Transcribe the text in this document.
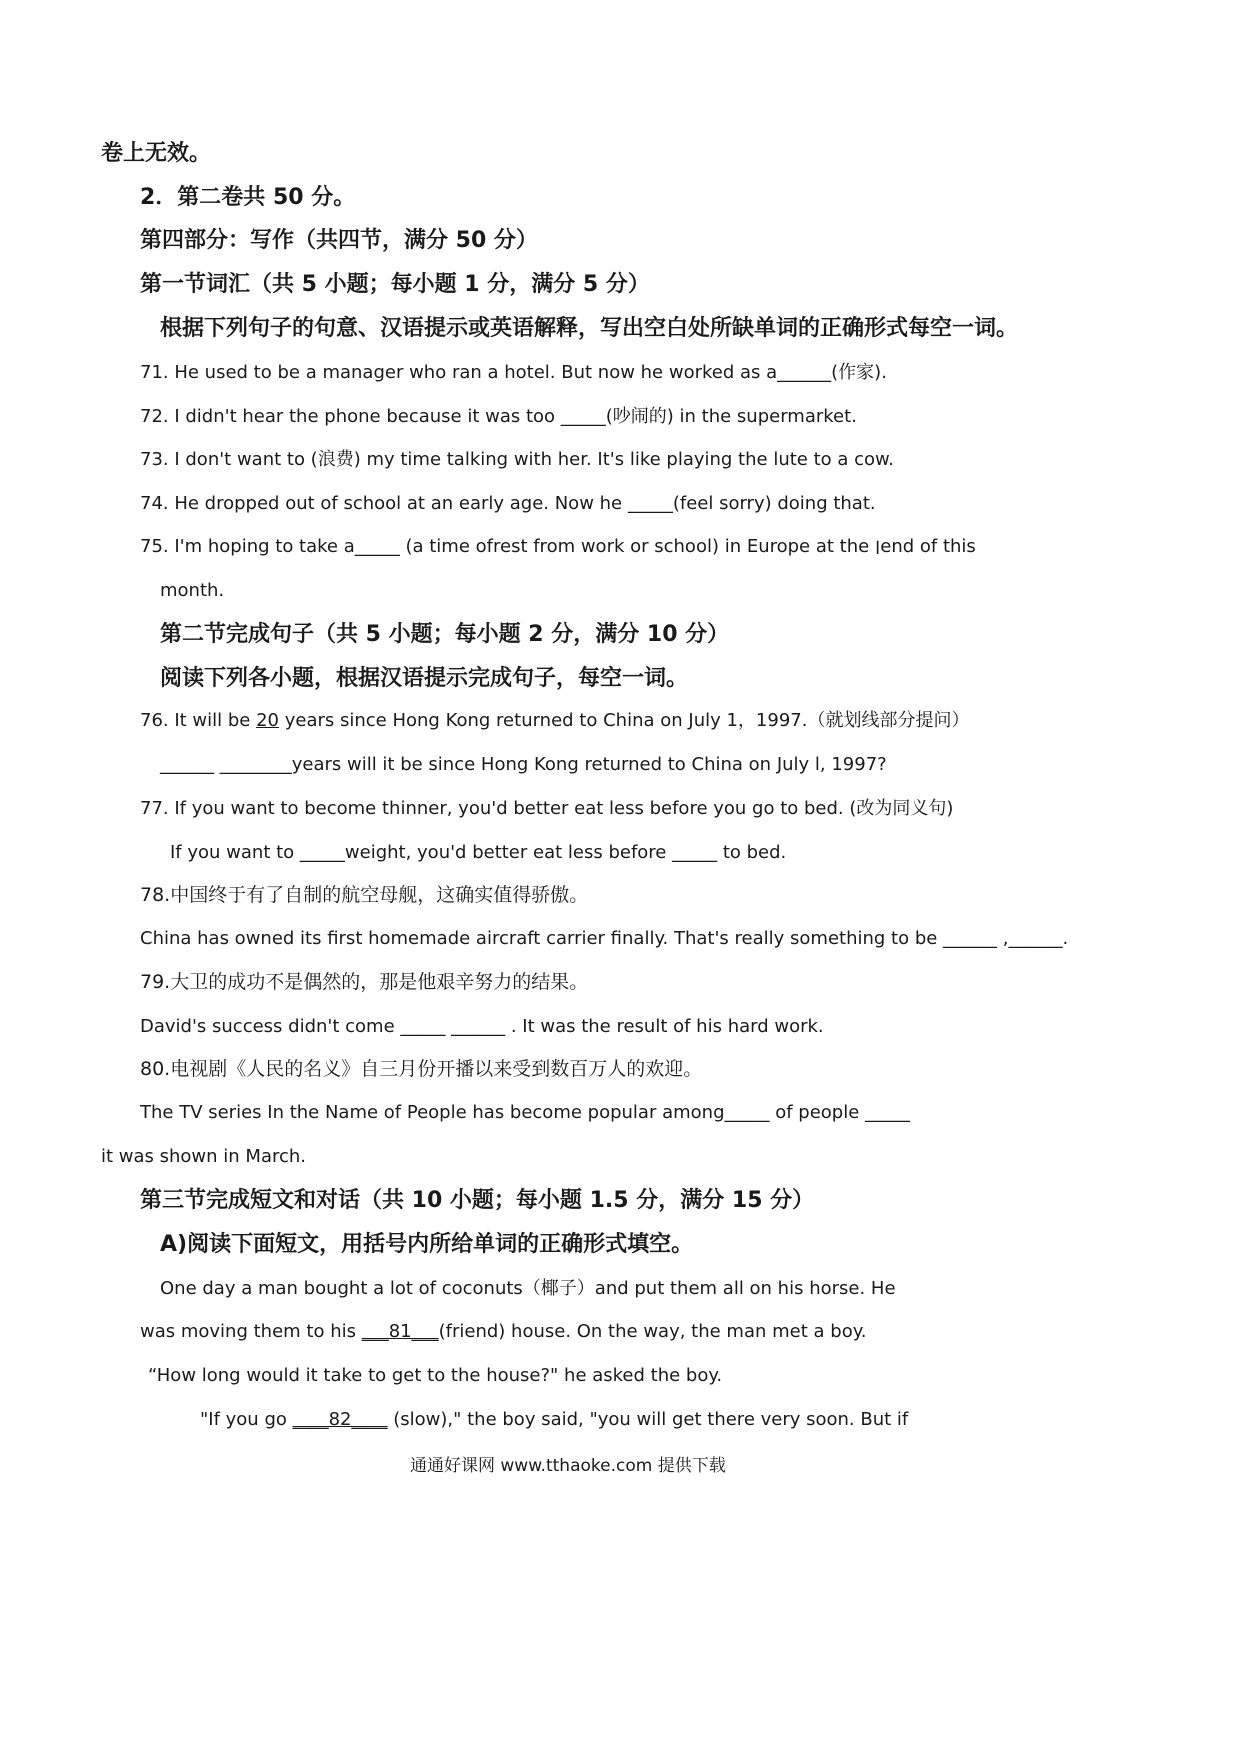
卷上无效。
2．第二卷共 50 分。
第四部分：写作（共四节，满分 50 分）
第一节词汇（共 5 小题；每小题 1 分，满分 5 分）
根据下列句子的句意、汉语提示或英语解释，写出空白处所缺单词的正确形式每空一词。
71. He used to be a manager who ran a hotel. But now he worked as a______(作家).
72. I didn't hear the phone because it was too _____(吵闹的) in the supermarket.
73. I don't want to (浪费) my time talking with her. It's like playing the lute to a cow.
74. He dropped out of school at an early age. Now he _____(feel sorry) doing that.
75. I'm hoping to take a_____ (a time ofrest from work or school) in Europe at the ׀end of this
month.
第二节完成句子（共 5 小题；每小题 2 分，满分 10 分）
阅读下列各小题，根据汉语提示完成句子，每空一词。
76. It will be 20 years since Hong Kong returned to China on July 1，1997.（就划线部分提问）
______ ________years will it be since Hong Kong returned to China on July l, 1997?
77. If you want to become thinner, you'd better eat less before you go to bed. (改为同义句)
If you want to _____weight, you'd better eat less before _____ to bed.
78.中国终于有了自制的航空母舰，这确实值得骄傲。
China has owned its first homemade aircraft carrier finally. That's really something to be ______ ,______.
79.大卫的成功不是偶然的，那是他艰辛努力的结果。
David's success didn't come _____ ______ . It was the result of his hard work.
80.电视剧《人民的名义》自三月份开播以来受到数百万人的欢迎。
The TV series In the Name of People has become popular among_____ of people _____
it was shown in March.
第三节完成短文和对话（共 10 小题；每小题 1.5 分，满分 15 分）
A)阅读下面短文，用括号内所给单词的正确形式填空。
One day a man bought a lot of coconuts（椰子）and put them all on his horse. He
was moving them to his ___81___(friend) house. On the way, the man met a boy.
“How long would it take to get to the house?" he asked the boy.
"If you go ____82____ (slow)," the boy said, "you will get there very soon. But if
通通好课网 www.tthaoke.com 提供下载
